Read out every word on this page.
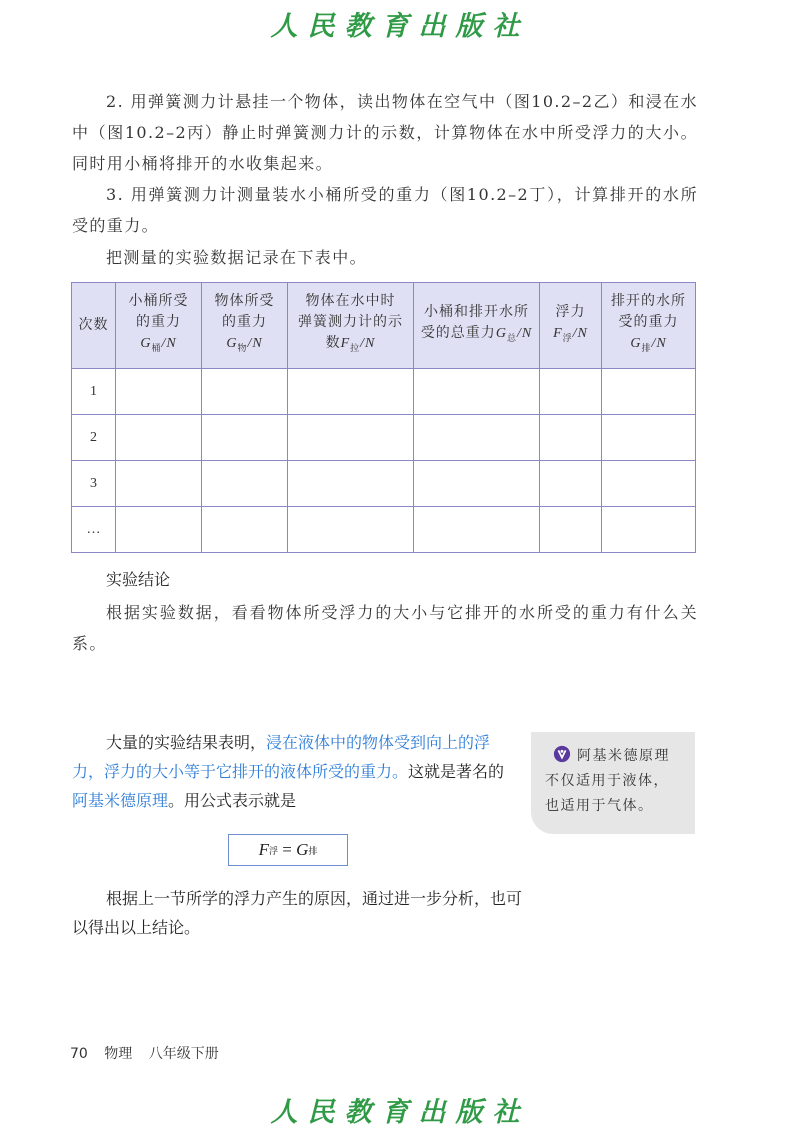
人民教育出版社

2. 用弹簧测力计悬挂一个物体，读出物体在空气中（图10.2–2乙）和浸在水中（图10.2–2丙）静止时弹簧测力计的示数，计算物体在水中所受浮力的大小。同时用小桶将排开的水收集起来。

3. 用弹簧测力计测量装水小桶所受的重力（图10.2–2丁），计算排开的水所受的重力。

把测量的实验数据记录在下表中。

次数	小桶所受
的重力
$G_桶/N$	物体所受
的重力
$G_物/N$	物体在水中时
弹簧测力计的示
数$F_拉/N$	小桶和排开水所
受的总重力$G_总/N$	浮力
$F_浮/N$	排开的水所
受的重力
$G_排/N$
1						
2						
3						
…						
实验结论

根据实验数据，看看物体所受浮力的大小与它排开的水所受的重力有什么关系。

大量的实验结果表明，浸在液体中的物体受到向上的浮力，浮力的大小等于它排开的液体所受的重力。这就是著名的阿基米德原理。用公式表示就是

F 浮 = G 排

根据上一节所学的浮力产生的原因，通过进一步分析，也可以得出以上结论。

阿基米德原理
不仅适用于液体，
也适用于气体。
70 物理 八年级下册
人民教育出版社
